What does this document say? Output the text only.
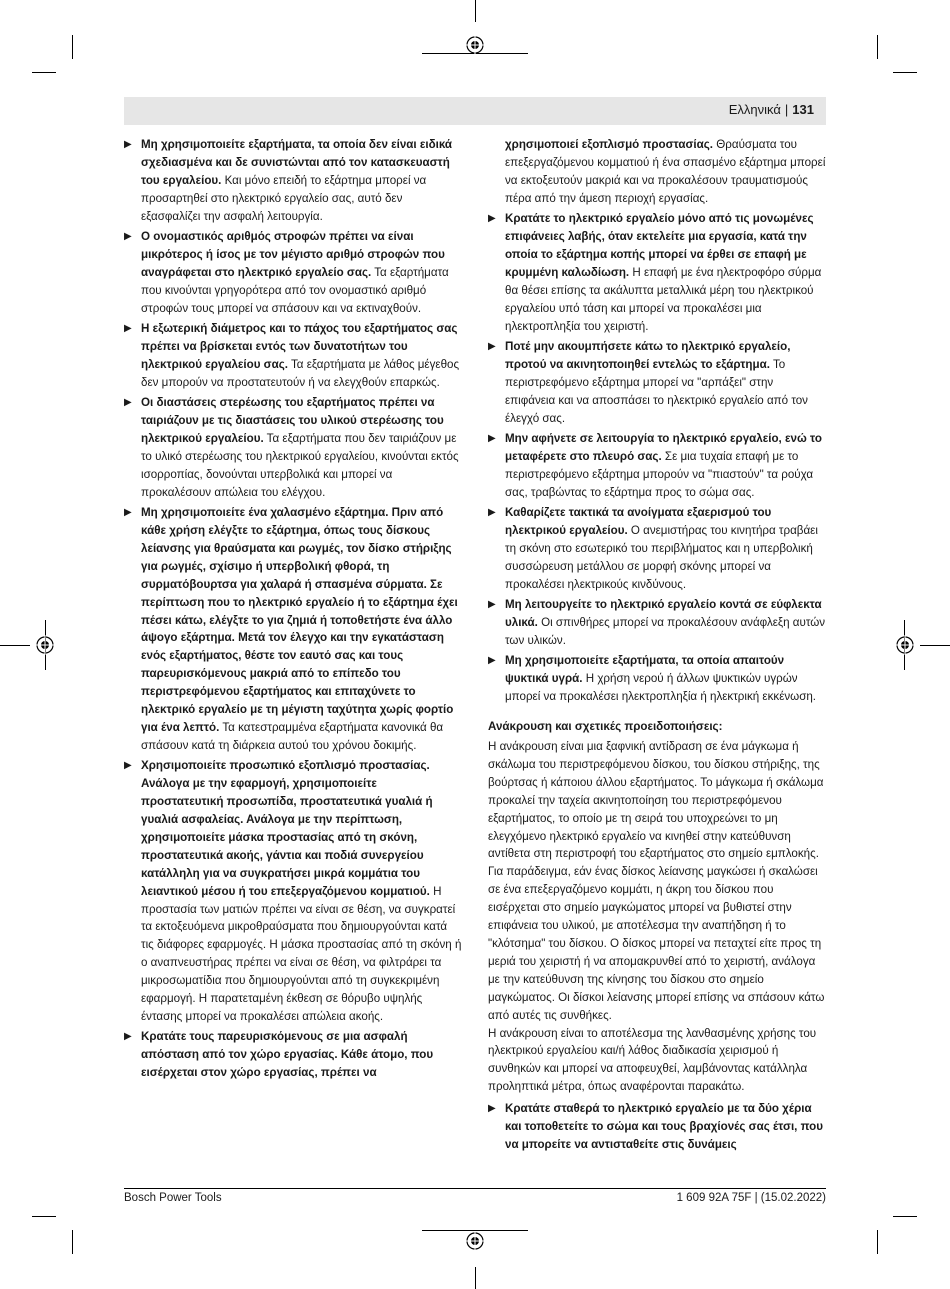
Ελληνικά | 131
▶ Μη χρησιμοποιείτε εξαρτήματα, τα οποία δεν είναι ειδικά σχεδιασμένα και δε συνιστώνται από τον κατασκευαστή του εργαλείου. Και μόνο επειδή το εξάρτημα μπορεί να προσαρτηθεί στο ηλεκτρικό εργαλείο σας, αυτό δεν εξασφαλίζει την ασφαλή λειτουργία.
▶ Ο ονομαστικός αριθμός στροφών πρέπει να είναι μικρότερος ή ίσος με τον μέγιστο αριθμό στροφών που αναγράφεται στο ηλεκτρικό εργαλείο σας. Τα εξαρτήματα που κινούνται γρηγορότερα από τον ονομαστικό αριθμό στροφών τους μπορεί να σπάσουν και να εκτιναχθούν.
▶ Η εξωτερική διάμετρος και το πάχος του εξαρτήματος σας πρέπει να βρίσκεται εντός των δυνατοτήτων του ηλεκτρικού εργαλείου σας. Τα εξαρτήματα με λάθος μέγεθος δεν μπορούν να προστατευτούν ή να ελεγχθούν επαρκώς.
▶ Οι διαστάσεις στερέωσης του εξαρτήματος πρέπει να ταιριάζουν με τις διαστάσεις του υλικού στερέωσης του ηλεκτρικού εργαλείου. Τα εξαρτήματα που δεν ταιριάζουν με το υλικό στερέωσης του ηλεκτρικού εργαλείου, κινούνται εκτός ισορροπίας, δονούνται υπερβολικά και μπορεί να προκαλέσουν απώλεια του ελέγχου.
▶ Μη χρησιμοποιείτε ένα χαλασμένο εξάρτημα. Πριν από κάθε χρήση ελέγξτε το εξάρτημα, όπως τους δίσκους λείανσης για θραύσματα και ρωγμές, τον δίσκο στήριξης για ρωγμές, σχίσιμο ή υπερβολική φθορά, τη συρματόβουρτσα για χαλαρά ή σπασμένα σύρματα. Σε περίπτωση που το ηλεκτρικό εργαλείο ή το εξάρτημα έχει πέσει κάτω, ελέγξτε το για ζημιά ή τοποθετήστε ένα άλλο άψογο εξάρτημα. Μετά τον έλεγχο και την εγκατάσταση ενός εξαρτήματος, θέστε τον εαυτό σας και τους παρευρισκόμενους μακριά από το επίπεδο του περιστρεφόμενου εξαρτήματος και επιταχύνετε το ηλεκτρικό εργαλείο με τη μέγιστη ταχύτητα χωρίς φορτίο για ένα λεπτό. Τα κατεστραμμένα εξαρτήματα κανονικά θα σπάσουν κατά τη διάρκεια αυτού του χρόνου δοκιμής.
▶ Χρησιμοποιείτε προσωπικό εξοπλισμό προστασίας. Ανάλογα με την εφαρμογή, χρησιμοποιείτε προστατευτική προσωπίδα, προστατευτικά γυαλιά ή γυαλιά ασφαλείας. Ανάλογα με την περίπτωση, χρησιμοποιείτε μάσκα προστασίας από τη σκόνη, προστατευτικά ακοής, γάντια και ποδιά συνεργείου κατάλληλη για να συγκρατήσει μικρά κομμάτια του λειαντικού μέσου ή του επεξεργαζόμενου κομματιού. Η προστασία των ματιών πρέπει να είναι σε θέση, να συγκρατεί τα εκτοξευόμενα μικροθραύσματα που δημιουργούνται κατά τις διάφορες εφαρμογές. Η μάσκα προστασίας από τη σκόνη ή ο αναπνευστήρας πρέπει να είναι σε θέση, να φιλτράρει τα μικροσωματίδια που δημιουργούνται από τη συγκεκριμένη εφαρμογή. Η παρατεταμένη έκθεση σε θόρυβο υψηλής έντασης μπορεί να προκαλέσει απώλεια ακοής.
▶ Κρατάτε τους παρευρισκόμενους σε μια ασφαλή απόσταση από τον χώρο εργασίας. Κάθε άτομο, που εισέρχεται στον χώρο εργασίας, πρέπει να
χρησιμοποιεί εξοπλισμό προστασίας. Θραύσματα του επεξεργαζόμενου κομματιού ή ένα σπασμένο εξάρτημα μπορεί να εκτοξευτούν μακριά και να προκαλέσουν τραυματισμούς πέρα από την άμεση περιοχή εργασίας.
▶ Κρατάτε το ηλεκτρικό εργαλείο μόνο από τις μονωμένες επιφάνειες λαβής, όταν εκτελείτε μια εργασία, κατά την οποία το εξάρτημα κοπής μπορεί να έρθει σε επαφή με κρυμμένη καλωδίωση. Η επαφή με ένα ηλεκτροφόρο σύρμα θα θέσει επίσης τα ακάλυπτα μεταλλικά μέρη του ηλεκτρικού εργαλείου υπό τάση και μπορεί να προκαλέσει μια ηλεκτροπληξία του χειριστή.
▶ Ποτέ μην ακουμπήσετε κάτω το ηλεκτρικό εργαλείο, προτού να ακινητοποιηθεί εντελώς το εξάρτημα. Το περιστρεφόμενο εξάρτημα μπορεί να "αρπάξει" στην επιφάνεια και να αποσπάσει το ηλεκτρικό εργαλείο από τον έλεγχό σας.
▶ Μην αφήνετε σε λειτουργία το ηλεκτρικό εργαλείο, ενώ το μεταφέρετε στο πλευρό σας. Σε μια τυχαία επαφή με το περιστρεφόμενο εξάρτημα μπορούν να "πιαστούν" τα ρούχα σας, τραβώντας το εξάρτημα προς το σώμα σας.
▶ Καθαρίζετε τακτικά τα ανοίγματα εξαερισμού του ηλεκτρικού εργαλείου. Ο ανεμιστήρας του κινητήρα τραβάει τη σκόνη στο εσωτερικό του περιβλήματος και η υπερβολική συσσώρευση μετάλλου σε μορφή σκόνης μπορεί να προκαλέσει ηλεκτρικούς κινδύνους.
▶ Μη λειτουργείτε το ηλεκτρικό εργαλείο κοντά σε εύφλεκτα υλικά. Οι σπινθήρες μπορεί να προκαλέσουν ανάφλεξη αυτών των υλικών.
▶ Μη χρησιμοποιείτε εξαρτήματα, τα οποία απαιτούν ψυκτικά υγρά. Η χρήση νερού ή άλλων ψυκτικών υγρών μπορεί να προκαλέσει ηλεκτροπληξία ή ηλεκτρική εκκένωση.
Ανάκρουση και σχετικές προειδοποιήσεις:

Η ανάκρουση είναι μια ξαφνική αντίδραση σε ένα μάγκωμα ή σκάλωμα του περιστρεφόμενου δίσκου, του δίσκου στήριξης, της βούρτσας ή κάποιου άλλου εξαρτήματος. Το μάγκωμα ή σκάλωμα προκαλεί την ταχεία ακινητοποίηση του περιστρεφόμενου εξαρτήματος, το οποίο με τη σειρά του υποχρεώνει το μη ελεγχόμενο ηλεκτρικό εργαλείο να κινηθεί στην κατεύθυνση αντίθετα στη περιστροφή του εξαρτήματος στο σημείο εμπλοκής.

Για παράδειγμα, εάν ένας δίσκος λείανσης μαγκώσει ή σκαλώσει σε ένα επεξεργαζόμενο κομμάτι, η άκρη του δίσκου που εισέρχεται στο σημείο μαγκώματος μπορεί να βυθιστεί στην επιφάνεια του υλικού, με αποτέλεσμα την αναπήδηση ή το "κλότσημα" του δίσκου. Ο δίσκος μπορεί να πεταχτεί είτε προς τη μεριά του χειριστή ή να απομακρυνθεί από το χειριστή, ανάλογα με την κατεύθυνση της κίνησης του δίσκου στο σημείο μαγκώματος. Οι δίσκοι λείανσης μπορεί επίσης να σπάσουν κάτω από αυτές τις συνθήκες.

Η ανάκρουση είναι το αποτέλεσμα της λανθασμένης χρήσης του ηλεκτρικού εργαλείου και/ή λάθος διαδικασία χειρισμού ή συνθηκών και μπορεί να αποφευχθεί, λαμβάνοντας κατάλληλα προληπτικά μέτρα, όπως αναφέρονται παρακάτω.

▶ Κρατάτε σταθερά το ηλεκτρικό εργαλείο με τα δύο χέρια και τοποθετείτε το σώμα και τους βραχίονές σας έτσι, που να μπορείτε να αντισταθείτε στις δυνάμεις
Bosch Power Tools	1 609 92A 75F | (15.02.2022)
